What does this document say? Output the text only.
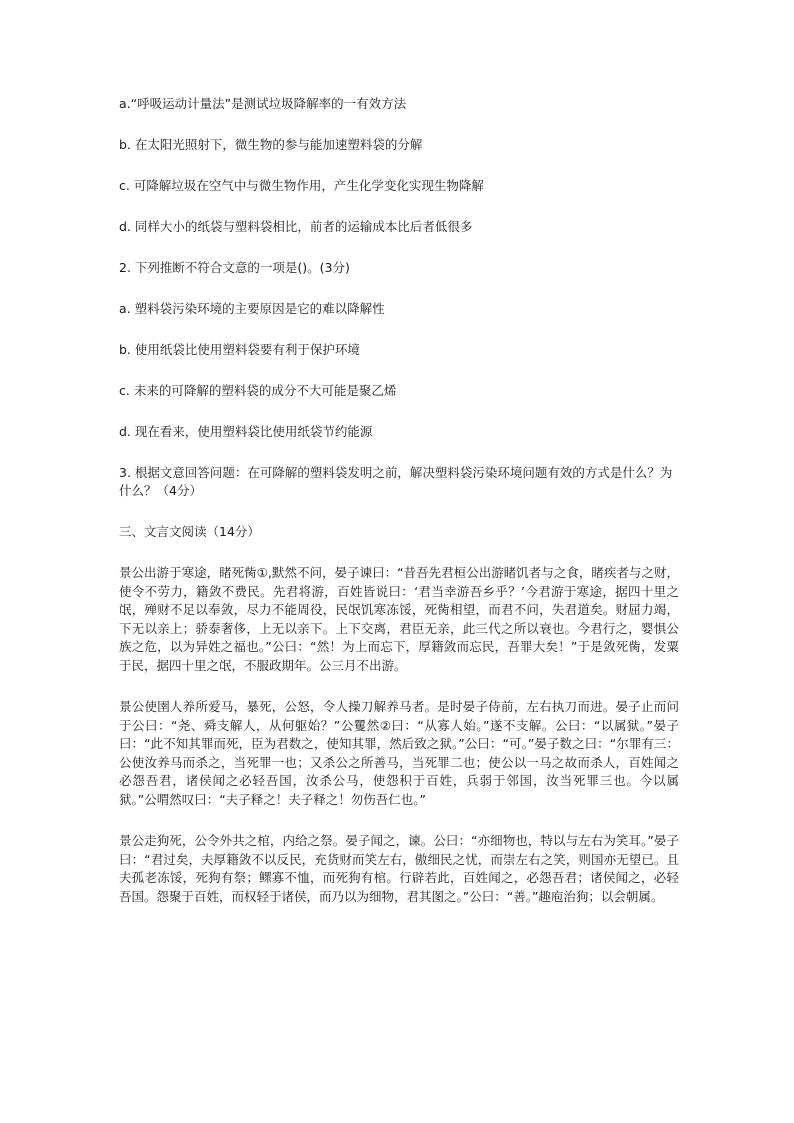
a.“呼吸运动计量法”是测试垃圾降解率的一有效方法

b. 在太阳光照射下，微生物的参与能加速塑料袋的分解

c. 可降解垃圾在空气中与微生物作用，产生化学变化实现生物降解

d. 同样大小的纸袋与塑料袋相比，前者的运输成本比后者低很多

2. 下列推断不符合文意的一项是()。(3分)

a. 塑料袋污染环境的主要原因是它的难以降解性

b. 使用纸袋比使用塑料袋要有利于保护环境

c. 未来的可降解的塑料袋的成分不大可能是聚乙烯

d. 现在看来，使用塑料袋比使用纸袋节约能源

3. 根据文意回答问题：在可降解的塑料袋发明之前，解决塑料袋污染环境问题有效的方式是什么？为什么？（4分）

三、文言文阅读（14分）

景公出游于寒途，睹死胔①,默然不问，晏子谏曰：“昔吾先君桓公出游睹饥者与之食，睹疾者与之财，使令不劳力，籍敛不费民。先君将游，百姓皆说曰：‘君当幸游吾乡乎？’今君游于寒途，据四十里之氓，殚财不足以奉敛，尽力不能周役，民氓饥寒冻馁，死胔相望，而君不问，失君道矣。财屈力竭，下无以亲上；骄泰奢侈，上无以亲下。上下交离，君臣无亲，此三代之所以衰也。今君行之，婴惧公族之危，以为异姓之福也。”公曰：“然！为上而忘下，厚籍敛而忘民，吾罪大矣！”于是敛死胔，发粟于民，据四十里之氓，不服政期年。公三月不出游。

景公使圉人养所爱马，暴死，公怒，令人操刀解养马者。是时晏子侍前，左右执刀而进。晏子止而问于公曰：“尧、舜支解人，从何躯始？”公矍然②曰：“从寡人始。”遂不支解。公曰：“以属狱。”晏子曰：“此不知其罪而死，臣为君数之，使知其罪，然后致之狱。”公曰：“可。”晏子数之曰：“尔罪有三：公使汝养马而杀之，当死罪一也；又杀公之所善马，当死罪二也；使公以一马之故而杀人，百姓闻之必怨吾君，诸侯闻之必轻吾国，汝杀公马，使怨积于百姓，兵弱于邻国，汝当死罪三也。今以属狱。”公喟然叹曰：“夫子释之！夫子释之！勿伤吾仁也。”

景公走狗死，公令外共之棺，内给之祭。晏子闻之，谏。公曰：“亦细物也，特以与左右为笑耳。”晏子曰：“君过矣，夫厚籍敛不以反民，充货财而笑左右，傲细民之忧，而崇左右之笑，则国亦无望已。且夫孤老冻馁，死狗有祭；鳏寡不恤，而死狗有棺。行辟若此，百姓闻之，必怨吾君；诸侯闻之，必轻吾国。怨聚于百姓，而权轻于诸侯，而乃以为细物，君其图之。”公曰：“善。”趣庖治狗；以会朝属。
